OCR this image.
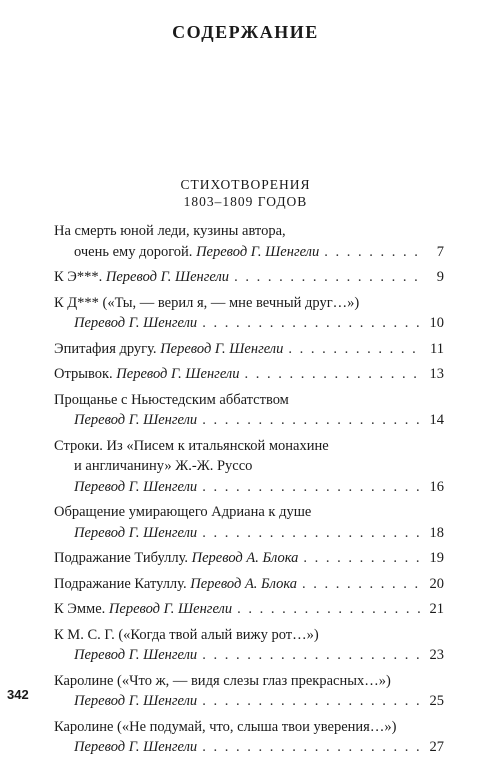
СОДЕРЖАНИЕ
СТИХОТВОРЕНИЯ
1803–1809 ГОДОВ
На смерть юной леди, кузины автора,
очень ему дорогой. Перевод Г. Шенгели . . .	7
К Э***. Перевод Г. Шенгели . . .	9
К Д*** («Ты, — верил я, — мне вечный друг…»)
Перевод Г. Шенгели . . .	10
Эпитафия другу. Перевод Г. Шенгели . . .	11
Отрывок. Перевод Г. Шенгели . . .	13
Прощанье с Ньюстедским аббатством
Перевод Г. Шенгели . . .	14
Строки. Из «Писем к итальянской монахине
и англичанину» Ж.-Ж. Руссо
Перевод Г. Шенгели . . .	16
Обращение умирающего Адриана к душе
Перевод Г. Шенгели . . .	18
Подражание Тибуллу. Перевод А. Блока . . .	19
Подражание Катуллу. Перевод А. Блока . . .	20
К Эмме. Перевод Г. Шенгели . . .	21
К М. С. Г. («Когда твой алый вижу рот…»)
Перевод Г. Шенгели . . .	23
Каролине («Что ж, — видя слезы глаз прекрасных…»)
Перевод Г. Шенгели . . .	25
Каролине («Не подумай, что, слыша твои уверения…»)
Перевод Г. Шенгели . . .	27
342
